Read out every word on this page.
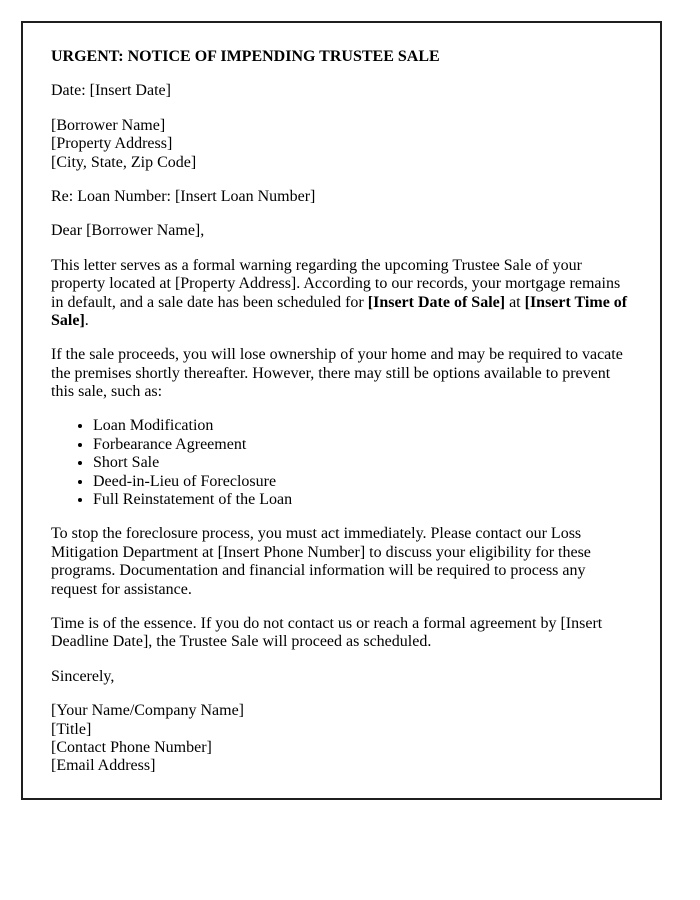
URGENT: NOTICE OF IMPENDING TRUSTEE SALE

Date: [Insert Date]

[Borrower Name]
[Property Address]
[City, State, Zip Code]

Re: Loan Number: [Insert Loan Number]

Dear [Borrower Name],

This letter serves as a formal warning regarding the upcoming Trustee Sale of your property located at [Property Address]. According to our records, your mortgage remains in default, and a sale date has been scheduled for [Insert Date of Sale] at [Insert Time of Sale].

If the sale proceeds, you will lose ownership of your home and may be required to vacate the premises shortly thereafter. However, there may still be options available to prevent this sale, such as:

• Loan Modification
• Forbearance Agreement
• Short Sale
• Deed-in-Lieu of Foreclosure
• Full Reinstatement of the Loan

To stop the foreclosure process, you must act immediately. Please contact our Loss Mitigation Department at [Insert Phone Number] to discuss your eligibility for these programs. Documentation and financial information will be required to process any request for assistance.

Time is of the essence. If you do not contact us or reach a formal agreement by [Insert Deadline Date], the Trustee Sale will proceed as scheduled.

Sincerely,

[Your Name/Company Name]
[Title]
[Contact Phone Number]
[Email Address]
